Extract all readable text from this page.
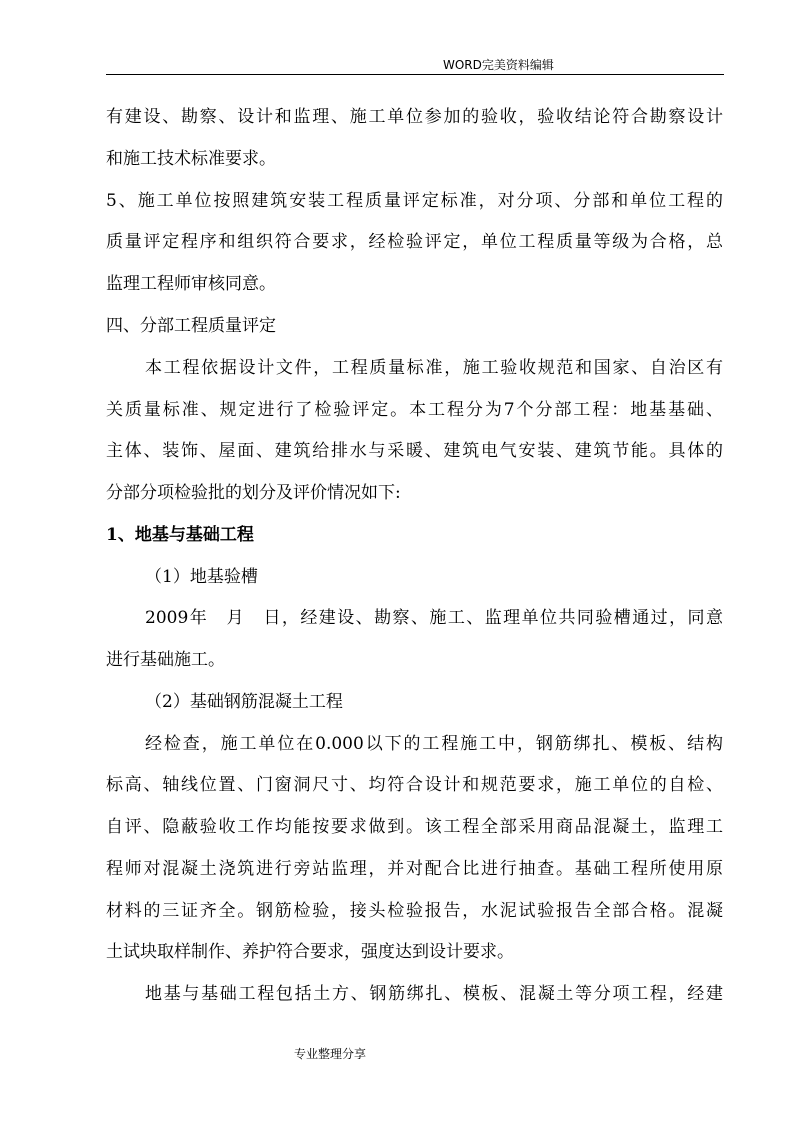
WORD完美资料编辑
有建设、勘察、设计和监理、施工单位参加的验收，验收结论符合勘察设计
和施工技术标准要求。
5、施工单位按照建筑安装工程质量评定标准，对分项、分部和单位工程的
质量评定程序和组织符合要求，经检验评定，单位工程质量等级为合格，总
监理工程师审核同意。
四、分部工程质量评定
本工程依据设计文件，工程质量标准，施工验收规范和国家、自治区有
关质量标准、规定进行了检验评定。本工程分为7个分部工程：地基基础、
主体、装饰、屋面、建筑给排水与采暖、建筑电气安装、建筑节能。具体的
分部分项检验批的划分及评价情况如下:
1、地基与基础工程
（1）地基验槽
2009年　月　日，经建设、勘察、施工、监理单位共同验槽通过，同意
进行基础施工。
（2）基础钢筋混凝土工程
经检查，施工单位在0.000以下的工程施工中，钢筋绑扎、模板、结构
标高、轴线位置、门窗洞尺寸、均符合设计和规范要求，施工单位的自检、
自评、隐蔽验收工作均能按要求做到。该工程全部采用商品混凝土，监理工
程师对混凝土浇筑进行旁站监理，并对配合比进行抽查。基础工程所使用原
材料的三证齐全。钢筋检验，接头检验报告，水泥试验报告全部合格。混凝
土试块取样制作、养护符合要求，强度达到设计要求。
地基与基础工程包括土方、钢筋绑扎、模板、混凝土等分项工程，经建
专业整理分享
